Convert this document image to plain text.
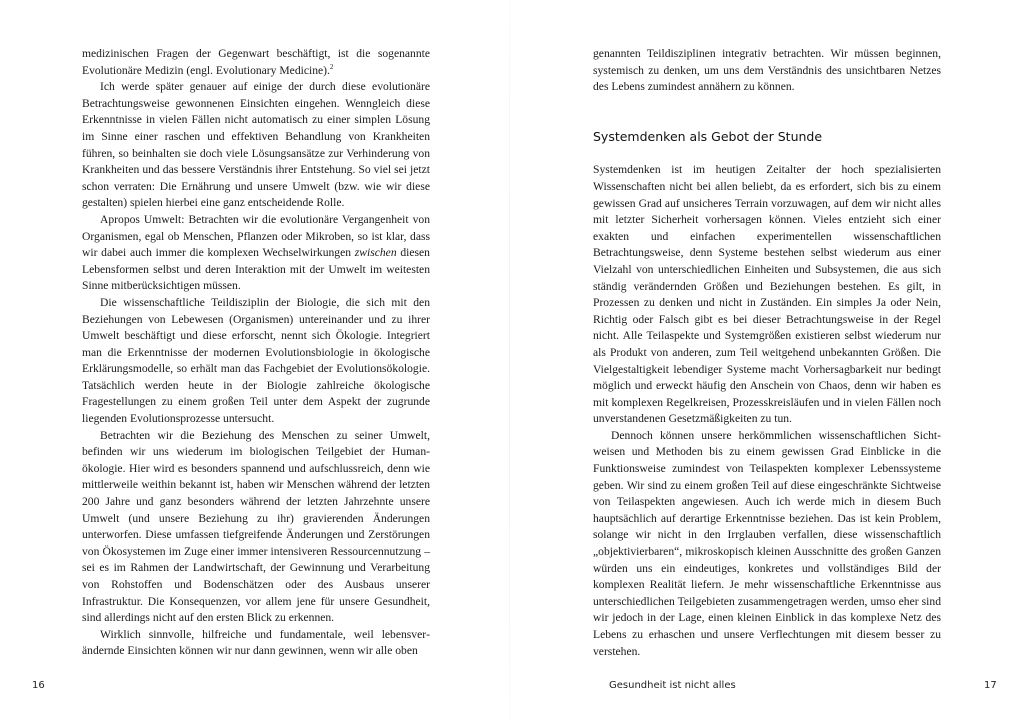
medizinischen Fragen der Gegenwart beschäftigt, ist die sogenannte Evolutionäre Medizin (engl. Evolutionary Medicine).$^2$

Ich werde später genauer auf einige der durch diese evolutionäre Betrachtungsweise gewonnenen Einsichten eingehen. Wenngleich diese Erkenntnisse in vielen Fällen nicht automatisch zu einer simplen Lösung im Sinne einer raschen und effektiven Behandlung von Krankheiten führen, so beinhalten sie doch viele Lösungsansätze zur Verhinderung von Krankheiten und das bessere Verständnis ihrer Entstehung. So viel sei jetzt schon verraten: Die Ernährung und unsere Umwelt (bzw. wie wir diese gestalten) spielen hierbei eine ganz entscheidende Rolle.

Apropos Umwelt: Betrachten wir die evolutionäre Vergangenheit von Organismen, egal ob Menschen, Pflanzen oder Mikroben, so ist klar, dass wir dabei auch immer die komplexen Wechselwirkungen zwischen diesen Lebensformen selbst und deren Interaktion mit der Umwelt im weitesten Sinne mitberücksichtigen müssen.

Die wissenschaftliche Teildisziplin der Biologie, die sich mit den Beziehungen von Lebewesen (Organismen) untereinander und zu ihrer Umwelt beschäftigt und diese erforscht, nennt sich Ökologie. Integriert man die Erkenntnisse der modernen Evolutionsbiologie in ökologische Erklärungsmodelle, so erhält man das Fachgebiet der Evolutionsökologie. Tatsächlich werden heute in der Biologie zahlreiche ökologische Fragestellungen zu einem großen Teil unter dem Aspekt der zugrunde liegenden Evolutionsprozesse untersucht.

Betrachten wir die Beziehung des Menschen zu seiner Umwelt, befinden wir uns wiederum im biologischen Teilgebiet der Humanökologie. Hier wird es besonders spannend und aufschlussreich, denn wie mittlerweile weithin bekannt ist, haben wir Menschen während der letzten 200 Jahre und ganz besonders während der letzten Jahrzehnte unsere Umwelt (und unsere Beziehung zu ihr) gravierenden Änderungen unterworfen. Diese umfassen tiefgreifende Änderungen und Zerstörungen von Ökosystemen im Zuge einer immer intensiveren Ressourcennutzung – sei es im Rahmen der Landwirtschaft, der Gewinnung und Verarbeitung von Rohstoffen und Bodenschätzen oder des Ausbaus unserer Infrastruktur. Die Konsequenzen, vor allem jene für unsere Gesundheit, sind allerdings nicht auf den ersten Blick zu erkennen.

Wirklich sinnvolle, hilfreiche und fundamentale, weil lebensverändernde Einsichten können wir nur dann gewinnen, wenn wir alle oben

16

genannten Teildisziplinen integrativ betrachten. Wir müssen beginnen, systemisch zu denken, um uns dem Verständnis des unsichtbaren Netzes des Lebens zumindest annähern zu können.

Systemdenken als Gebot der Stunde

Systemdenken ist im heutigen Zeitalter der hoch spezialisierten Wissenschaften nicht bei allen beliebt, da es erfordert, sich bis zu einem gewissen Grad auf unsicheres Terrain vorzuwagen, auf dem wir nicht alles mit letzter Sicherheit vorhersagen können. Vieles entzieht sich einer exakten und einfachen experimentellen wissenschaftlichen Betrachtungsweise, denn Systeme bestehen selbst wiederum aus einer Vielzahl von unterschiedlichen Einheiten und Subsystemen, die aus sich ständig verändernden Größen und Beziehungen bestehen. Es gilt, in Prozessen zu denken und nicht in Zuständen. Ein simples Ja oder Nein, Richtig oder Falsch gibt es bei dieser Betrachtungsweise in der Regel nicht. Alle Teilaspekte und Systemgrößen existieren selbst wiederum nur als Produkt von anderen, zum Teil weitgehend unbekannten Größen. Die Vielgestaltigkeit lebendiger Systeme macht Vorhersagbarkeit nur bedingt möglich und erweckt häufig den Anschein von Chaos, denn wir haben es mit komplexen Regelkreisen, Prozesskreisläufen und in vielen Fällen noch unverstandenen Gesetzmäßigkeiten zu tun.

Dennoch können unsere herkömmlichen wissenschaftlichen Sichtweisen und Methoden bis zu einem gewissen Grad Einblicke in die Funktionsweise zumindest von Teilaspekten komplexer Lebenssysteme geben. Wir sind zu einem großen Teil auf diese eingeschränkte Sichtweise von Teilaspekten angewiesen. Auch ich werde mich in diesem Buch hauptsächlich auf derartige Erkenntnisse beziehen. Das ist kein Problem, solange wir nicht in den Irrglauben verfallen, diese wissenschaftlich „objektivierbaren“, mikroskopisch kleinen Ausschnitte des großen Ganzen würden uns ein eindeutiges, konkretes und vollständiges Bild der komplexen Realität liefern. Je mehr wissenschaftliche Erkenntnisse aus unterschiedlichen Teilgebieten zusammengetragen werden, umso eher sind wir jedoch in der Lage, einen kleinen Einblick in das komplexe Netz des Lebens zu erhaschen und unsere Verflechtungen mit diesem besser zu verstehen.

Gesundheit ist nicht alles	17
